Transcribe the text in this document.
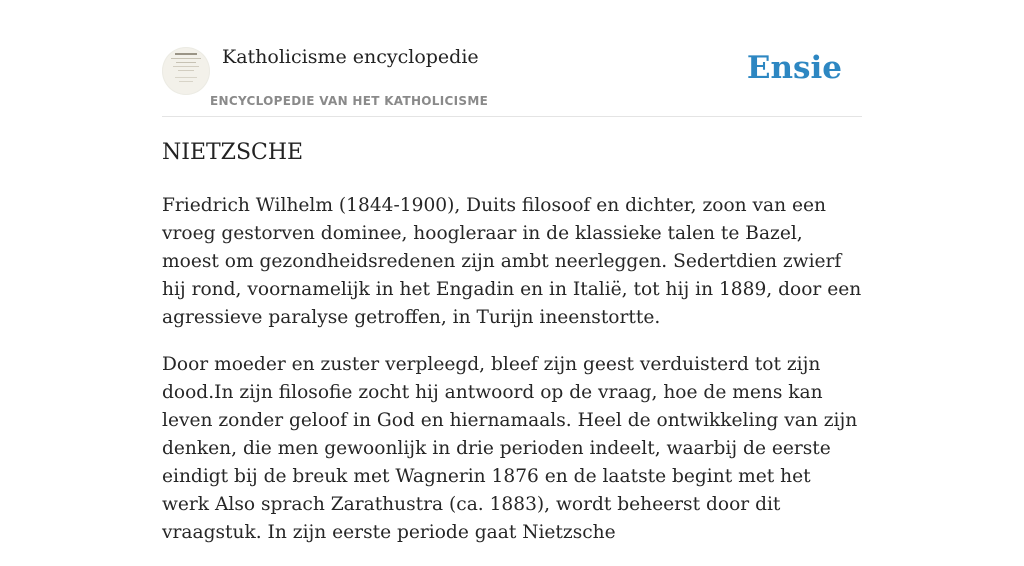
Katholicisme encyclopedie
ENCYCLOPEDIE VAN HET KATHOLICISME
Ensie
NIETZSCHE

Friedrich Wilhelm (1844-1900), Duits filosoof en dichter, zoon van een vroeg gestorven dominee, hoogleraar in de klassieke talen te Bazel, moest om gezondheidsredenen zijn ambt neerleggen. Sedertdien zwierf hij rond, voornamelijk in het Engadin en in Italië, tot hij in 1889, door een agressieve paralyse getroffen, in Turijn ineenstortte.

Door moeder en zuster verpleegd, bleef zijn geest verduisterd tot zijn dood.In zijn filosofie zocht hij antwoord op de vraag, hoe de mens kan leven zonder geloof in God en hiernamaals. Heel de ontwikkeling van zijn denken, die men gewoonlijk in drie perioden indeelt, waarbij de eerste eindigt bij de breuk met Wagnerin 1876 en de laatste begint met het werk Also sprach Zarathustra (ca. 1883), wordt beheerst door dit vraagstuk. In zijn eerste periode gaat Nietzsche
